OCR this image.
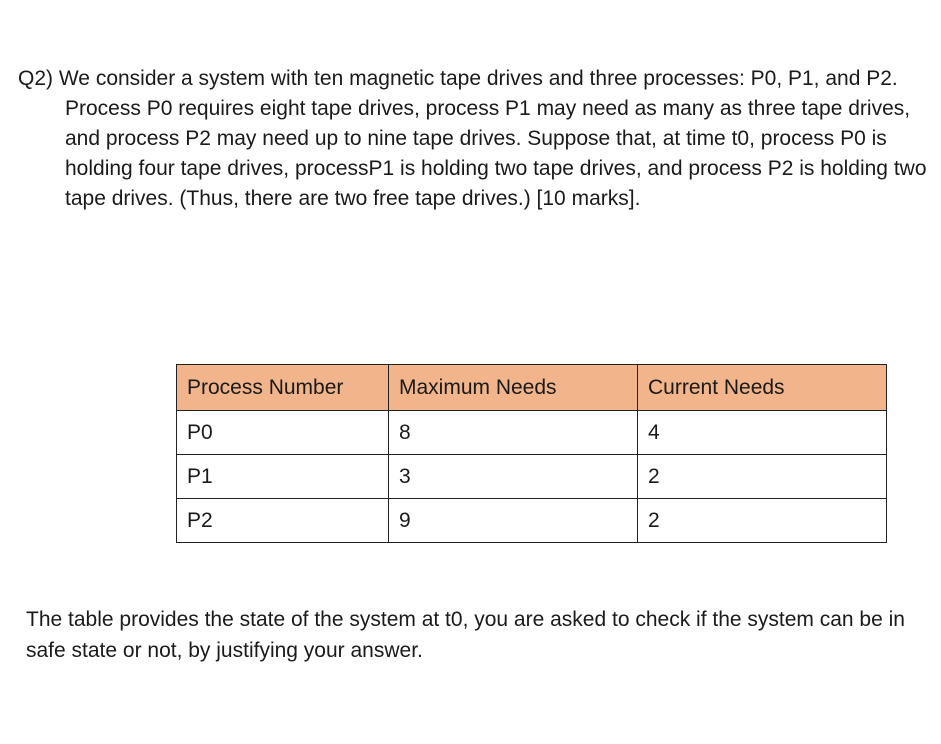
Q2) We consider a system with ten magnetic tape drives and three processes: P0, P1, and P2. Process P0 requires eight tape drives, process P1 may need as many as three tape drives, and process P2 may need up to nine tape drives. Suppose that, at time t0, process P0 is holding four tape drives, processP1 is holding two tape drives, and process P2 is holding two tape drives. (Thus, there are two free tape drives.) [10 marks].
Process Number	Maximum Needs	Current Needs
P0	8	4
P1	3	2
P2	9	2
The table provides the state of the system at t0, you are asked to check if the system can be in safe state or not, by justifying your answer.
